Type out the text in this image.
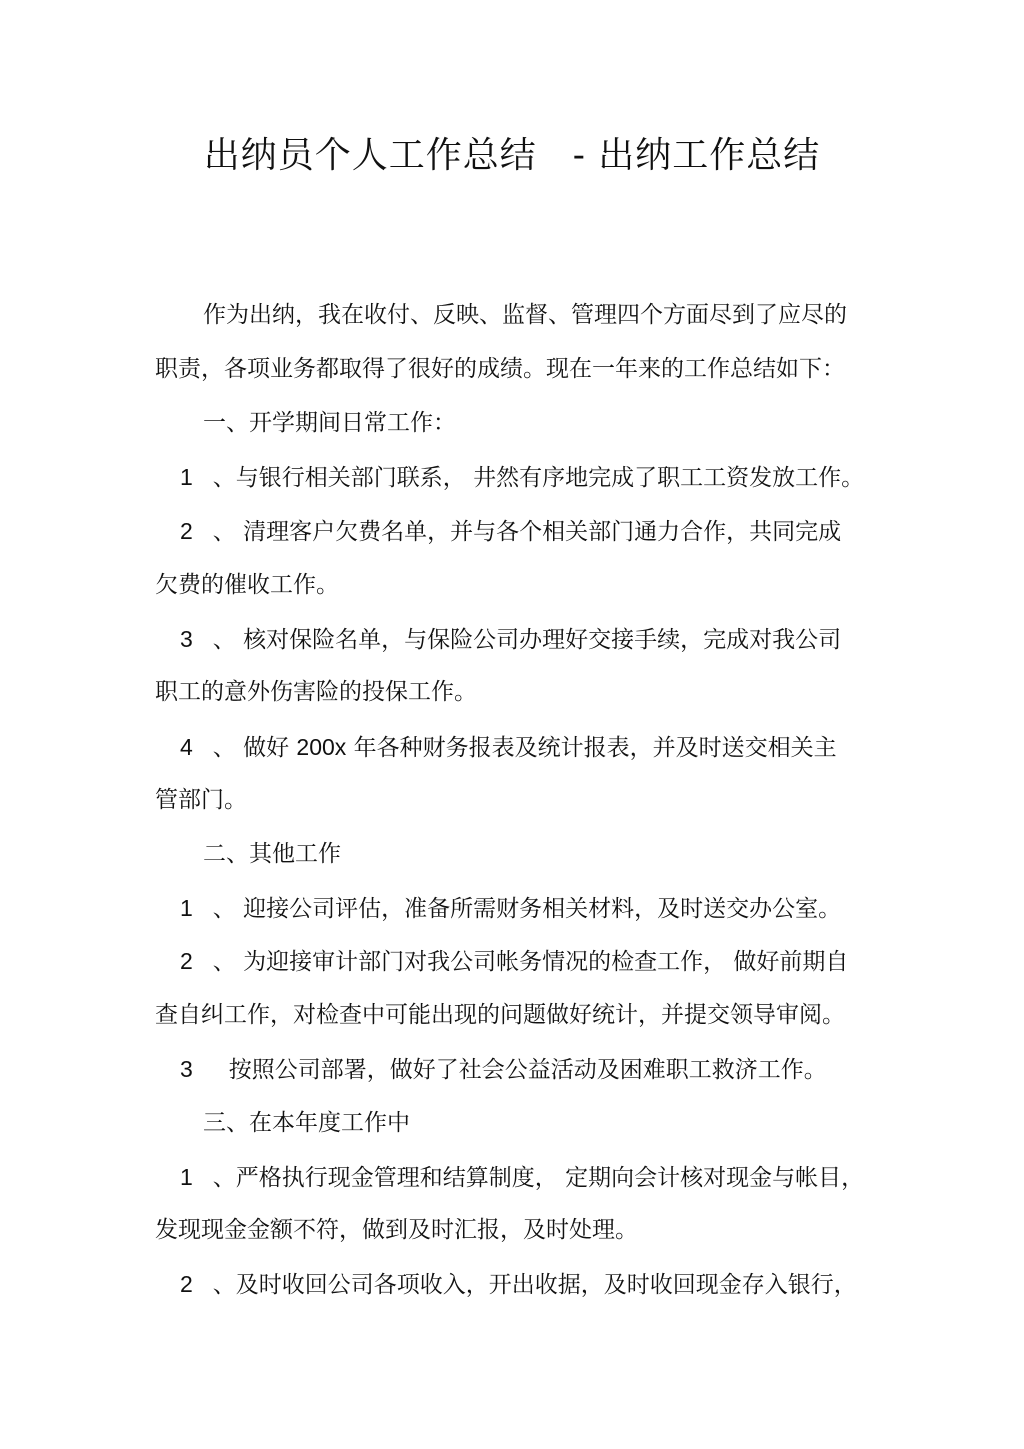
出纳员个人工作总结 - 出纳工作总结

作为出纳，我在收付、反映、监督、管理四个方面尽到了应尽的

职责，各项业务都取得了很好的成绩。现在一年来的工作总结如下：

一、开学期间日常工作：

1 、与银行相关部门联系， 井然有序地完成了职工工资发放工作。

2 、 清理客户欠费名单，并与各个相关部门通力合作，共同完成

欠费的催收工作。

3 、 核对保险名单，与保险公司办理好交接手续，完成对我公司

职工的意外伤害险的投保工作。

4 、 做好 200x 年各种财务报表及统计报表，并及时送交相关主

管部门。

二、其他工作

1 、 迎接公司评估，准备所需财务相关材料，及时送交办公室。

2 、 为迎接审计部门对我公司帐务情况的检查工作， 做好前期自

查自纠工作，对检查中可能出现的问题做好统计，并提交领导审阅。

3 按照公司部署，做好了社会公益活动及困难职工救济工作。

三、在本年度工作中

1 、严格执行现金管理和结算制度， 定期向会计核对现金与帐目，

发现现金金额不符，做到及时汇报，及时处理。

2 、及时收回公司各项收入，开出收据，及时收回现金存入银行，
